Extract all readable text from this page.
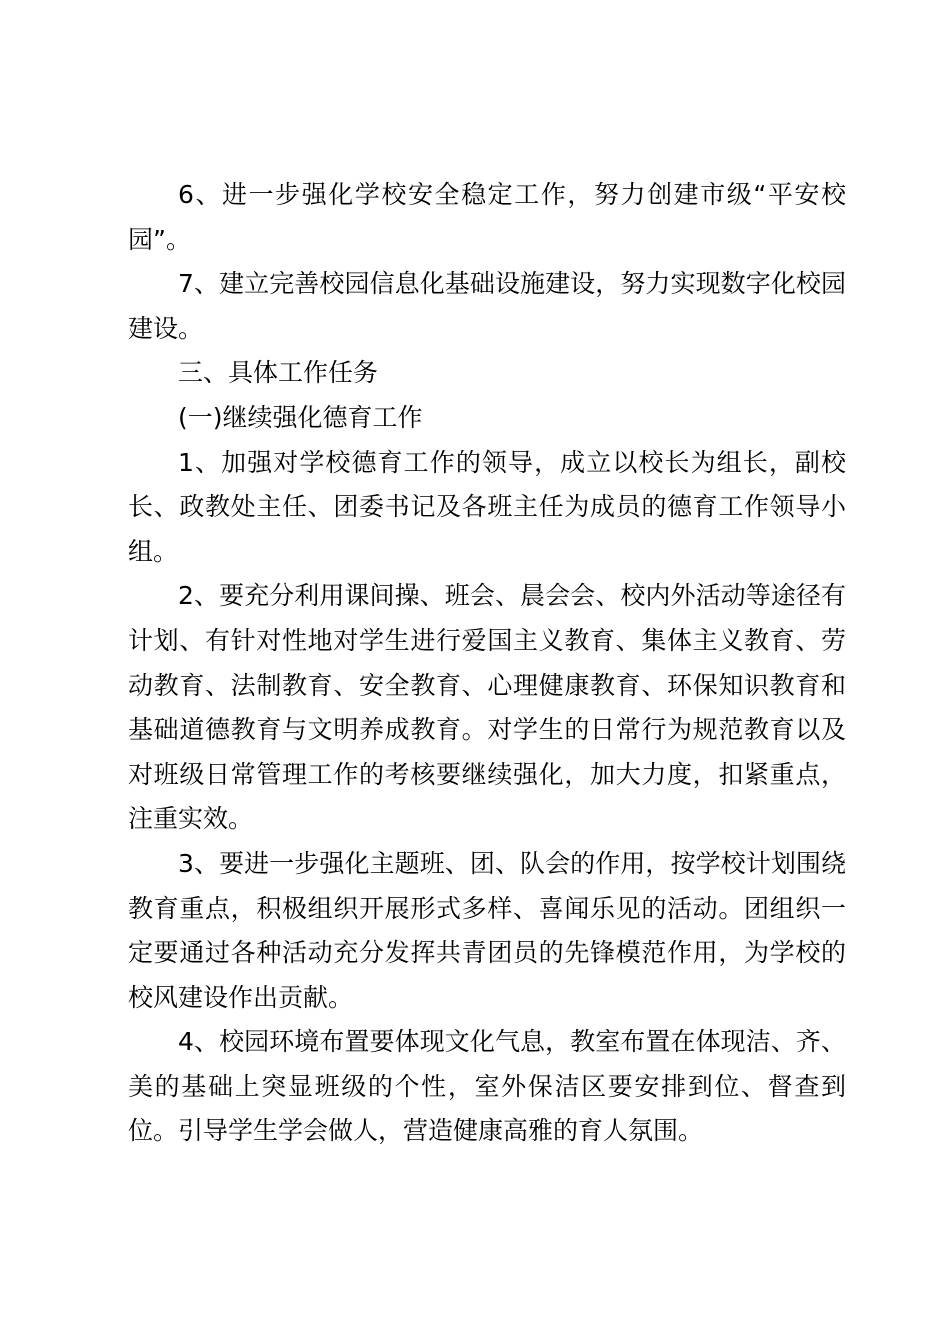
6、进一步强化学校安全稳定工作，努力创建市级“平安校园”。

7、建立完善校园信息化基础设施建设，努力实现数字化校园建设。

三、具体工作任务

(一)继续强化德育工作

1、加强对学校德育工作的领导，成立以校长为组长，副校长、政教处主任、团委书记及各班主任为成员的德育工作领导小组。

2、要充分利用课间操、班会、晨会会、校内外活动等途径有计划、有针对性地对学生进行爱国主义教育、集体主义教育、劳动教育、法制教育、安全教育、心理健康教育、环保知识教育和基础道德教育与文明养成教育。对学生的日常行为规范教育以及对班级日常管理工作的考核要继续强化，加大力度，扣紧重点，注重实效。

3、要进一步强化主题班、团、队会的作用，按学校计划围绕教育重点，积极组织开展形式多样、喜闻乐见的活动。团组织一定要通过各种活动充分发挥共青团员的先锋模范作用，为学校的校风建设作出贡献。

4、校园环境布置要体现文化气息，教室布置在体现洁、齐、美的基础上突显班级的个性，室外保洁区要安排到位、督查到位。引导学生学会做人，营造健康高雅的育人氛围。
